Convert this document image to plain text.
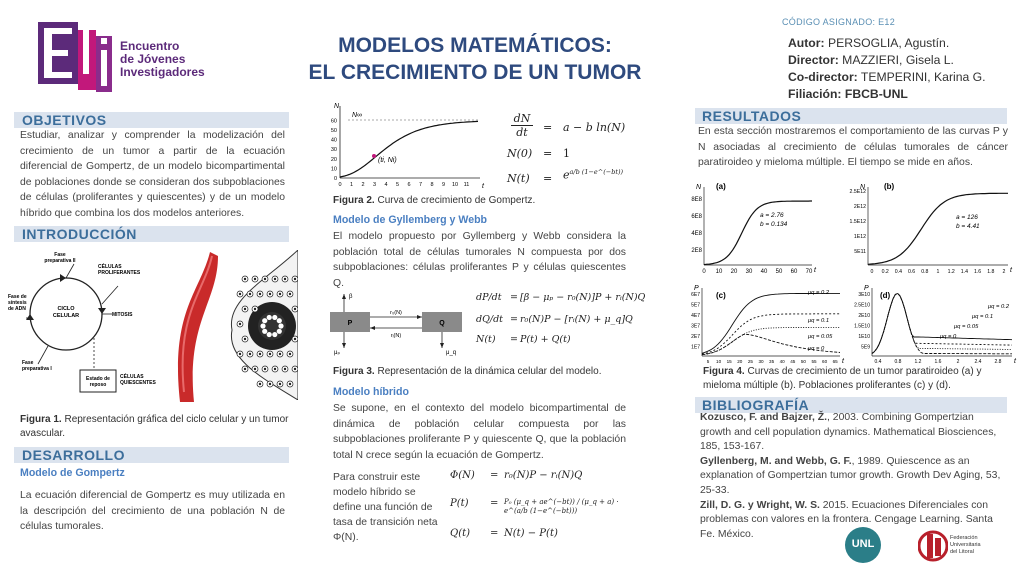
Encuentro
de Jóvenes
Investigadores
MODELOS MATEMÁTICOS:
EL CRECIMIENTO DE UN TUMOR
CÓDIGO ASIGNADO: E12
Autor: PERSOGLIA, Agustín.
Director: MAZZIERI, Gisela L.
Co-director: TEMPERINI, Karina G.
Filiación: FBCB-UNL
OBJETIVOS
Estudiar, analizar y comprender la modelización del crecimiento de un tumor a partir de la ecuación diferencial de Gompertz, de un modelo bicompartimental de poblaciones donde se consideran dos subpoblaciones de células (proliferantes y quiescentes) y de un modelo híbrido que combina los dos modelos anteriores.
INTRODUCCIÓN
Fase preparativa II
CÉLULAS PROLIFERANTES
Fase de síntesis de ADN	CICLO CELULAR	MITOSIS
Fase preparativa I
Estado de reposo
CÉLULAS QUIESCENTES
Figura 1. Representación gráfica del ciclo celular y un tumor avascular.
DESARROLLO
Modelo de Gompertz
La ecuación diferencial de Gompertz es muy utilizada en la descripción del crecimiento de una población N de células tumorales.
0
10
20
30
40
50
60
0 1 2 3 4 5 6 7 8 9 10 11
N
t
N∞
(ti, Ni)
Figura 2. Curva de crecimiento de Gompertz.
$\frac{dN}{dt} = a - b$ ln(N)
N(0) = 1
$N(t) = e^{a/b (1-e\^{}(-bt))}$
Modelo de Gyllemberg y Webb
El modelo propuesto por Gyllemberg y Webb considera la población total de células tumorales N compuesta por dos subpoblaciones: células proliferantes P y células quiescentes Q.
P	Q
r₀(N)
rᵢ(N)
β
μₚ	μ_q
dP/dt = [β − μₚ − r₀(N)]P + rᵢ(N)Q
dQ/dt = r₀(N)P − [rᵢ(N) + μ_q]Q
N(t) = P(t) + Q(t)
Figura 3. Representación de la dinámica celular del modelo.
Modelo híbrido
Se supone, en el contexto del modelo bicompartimental de dinámica de población celular compuesta por las subpoblaciones proliferante P y quiescente Q, que la población total N crece según la ecuación de Gompertz.
Para construir este modelo híbrido se define una función de tasa de transición neta Φ(N).
Φ(N) = r₀(N)P − rᵢ(N)Q
P(t) = P₀ (μ_q + ae^(−bt)) / (μ_q + a) · e^(a/b (1−e^(−bt)))
Q(t) = N(t) − P(t)
RESULTADOS
En esta sección mostraremos el comportamiento de las curvas P y N asociadas al crecimiento de células tumorales de cáncer paratiroideo y mieloma múltiple. El tiempo se mide en años.
N
t
8E8
6E8
4E8
2E8
0 10 20 30 40 50 60 70
(a)
a = 2.76
b = 0.134
N
t
2.5E12
2E12
1.5E12
1E12
5E11
0 0.2 0.4 0.6 0.8 1 1.2 1.4 1.6 1.8 2
(b)
a = 126
b = 4.41
P
t
6E7
5E7
4E7
3E7
2E7
1E7
5 10 15 20 25 30 35 40 45 50 55 60 65
(c)	μq = 0.2
μq = 0.1
μq = 0.05
μq = 0
P
t
3E10
2.5E10
2E10
1.5E10
1E10
5E9
0.4	0.8	1.2	1.6	2	2.4	2.8
(d)
μq = 0.2
μq = 0.1
μq = 0.05
μq = 0
Figura 4. Curvas de crecimiento de un tumor paratiroideo (a) y mieloma múltiple (b). Poblaciones proliferantes (c) y (d).
BIBLIOGRAFÍA
Kozusco, F. and Bajzer, Ž., 2003. Combining Gompertzian growth and cell population dynamics. Mathematical Biosciences, 185, 153-167.
Gyllenberg, M. and Webb, G. F., 1989. Quiescence as an explanation of Gompertzian tumor growth. Growth Dev Aging, 53, 25-33.
Zill, D. G. y Wright, W. S. 2015. Ecuaciones Diferenciales con problemas con valores en la frontera. Cengage Learning. Santa Fe. México.
UNL	Federación
Universitaria
del Litoral
